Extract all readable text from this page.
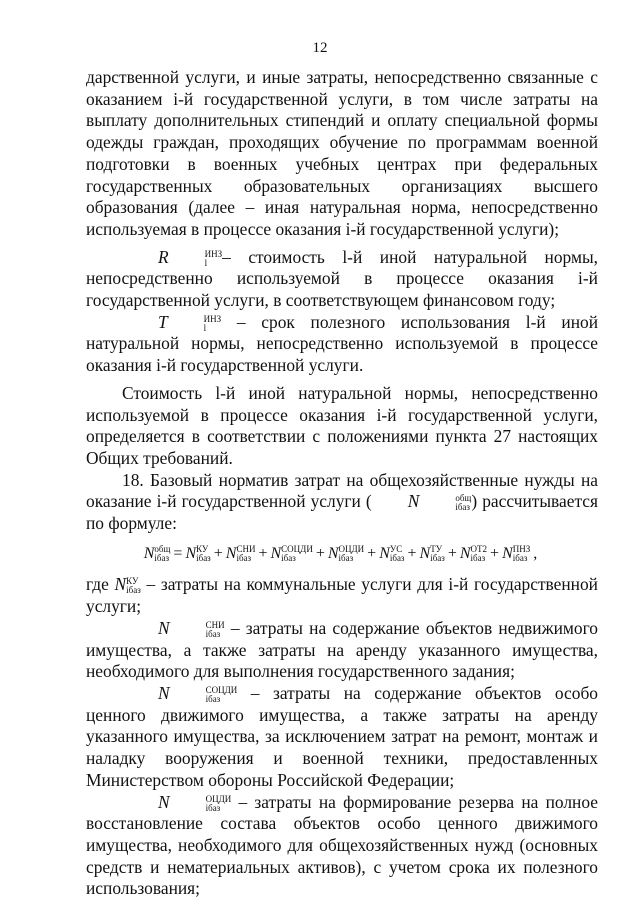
12

дарственной услуги, и иные затраты, непосредственно связанные с оказанием i-й государственной услуги, в том числе затраты на выплату дополнительных стипендий и оплату специальной формы одежды граждан, проходящих обучение по программам военной подготовки в военных учебных центрах при федеральных государственных образовательных организациях высшего образования (далее – иная натуральная норма, непосредственно используемая в процессе оказания i-й государственной услуги);

R	ИНЗ
l – стоимость l-й иной натуральной нормы, непосредственно используемой в процессе оказания i-й государственной услуги, в соответствующем финансовом году;

T	ИНЗ
l – срок полезного использования l-й иной натуральной нормы, непосредственно используемой в процессе оказания i-й государственной услуги.

Стоимость l-й иной натуральной нормы, непосредственно используемой в процессе оказания i-й государственной услуги, определяется в соответствии с положениями пункта 27 настоящих Общих требований.

18. Базовый норматив затрат на общехозяйственные нужды на оказание i-й государственной услуги ( N	общ
iбаз ) рассчитывается по формуле:

N общ
iбаз = N КУ
iбаз + N СНИ
iбаз + N СОЦДИ
iбаз	+ N ОЦДИ
iбаз + N УС
iбаз + N ТУ
iбаз + N ОТ2
iбаз + N ПНЗ
iбаз ,

где N КУ
iбаз – затраты на коммунальные услуги для i-й государственной услуги;

N	СНИ
iбаз – затраты на содержание объектов недвижимого имущества, а также затраты на аренду указанного имущества, необходимого для выполнения государственного задания;

N	СОЦДИ
iбаз – затраты на содержание объектов особо ценного движимого имущества, а также затраты на аренду указанного имущества, за исключением затрат на ремонт, монтаж и наладку вооружения и военной техники, предоставленных Министерством обороны Российской Федерации;

N	ОЦДИ
iбаз – затраты на формирование резерва на полное восстановление состава объектов особо ценного движимого имущества, необходимого для общехозяйственных нужд (основных средств и нематериальных активов), с учетом срока их полезного использования;
